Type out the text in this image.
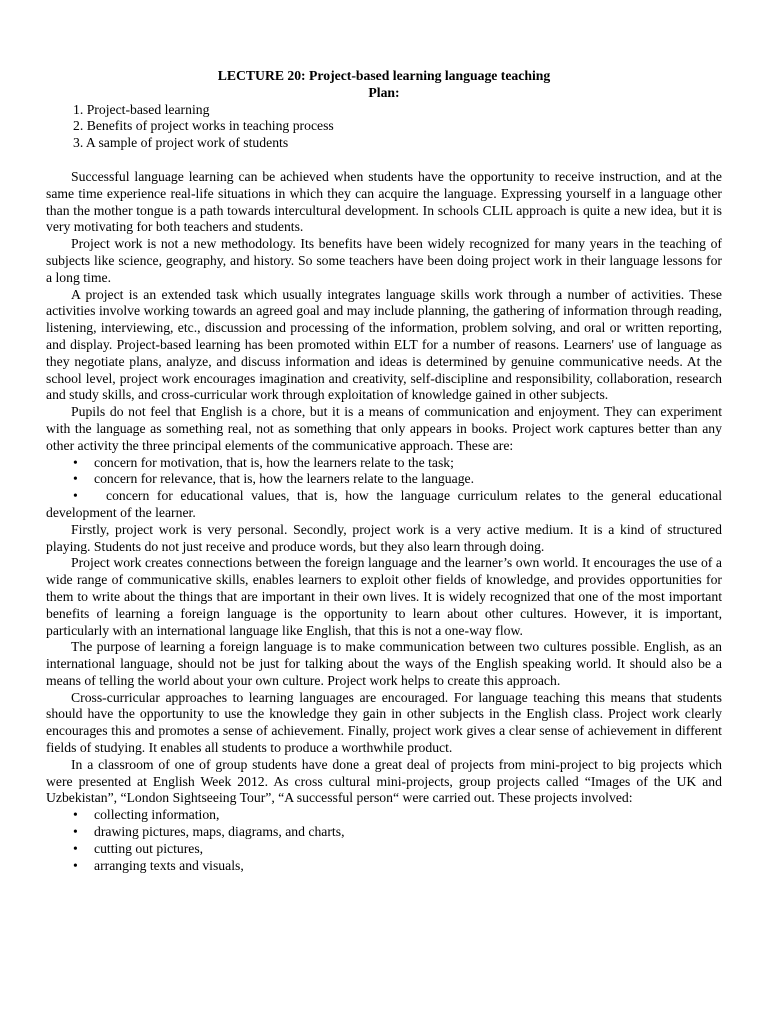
LECTURE 20: Project-based learning language teaching
Plan:
1. Project-based learning
2. Benefits of project works in teaching process
3. A sample of project work of students

Successful language learning can be achieved when students have the opportunity to receive instruction, and at the same time experience real-life situations in which they can acquire the language. Expressing yourself in a language other than the mother tongue is a path towards intercultural development. In schools CLIL approach is quite a new idea, but it is very motivating for both teachers and students.

Project work is not a new methodology. Its benefits have been widely recognized for many years in the teaching of subjects like science, geography, and history. So some teachers have been doing project work in their language lessons for a long time.

A project is an extended task which usually integrates language skills work through a number of activities. These activities involve working towards an agreed goal and may include planning, the gathering of information through reading, listening, interviewing, etc., discussion and processing of the information, problem solving, and oral or written reporting, and display. Project-based learning has been promoted within ELT for a number of reasons. Learners' use of language as they negotiate plans, analyze, and discuss information and ideas is determined by genuine communicative needs. At the school level, project work encourages imagination and creativity, self-discipline and responsibility, collaboration, research and study skills, and cross-curricular work through exploitation of knowledge gained in other subjects.

Pupils do not feel that English is a chore, but it is a means of communication and enjoyment. They can experiment with the language as something real, not as something that only appears in books. Project work captures better than any other activity the three principal elements of the communicative approach. These are:

• concern for motivation, that is, how the learners relate to the task;
• concern for relevance, that is, how the learners relate to the language.
• concern for educational values, that is, how the language curriculum relates to the general educational development of the learner.

Firstly, project work is very personal. Secondly, project work is a very active medium. It is a kind of structured playing. Students do not just receive and produce words, but they also learn through doing.

Project work creates connections between the foreign language and the learner’s own world. It encourages the use of a wide range of communicative skills, enables learners to exploit other fields of knowledge, and provides opportunities for them to write about the things that are important in their own lives. It is widely recognized that one of the most important benefits of learning a foreign language is the opportunity to learn about other cultures. However, it is important, particularly with an international language like English, that this is not a one-way flow.

The purpose of learning a foreign language is to make communication between two cultures possible. English, as an international language, should not be just for talking about the ways of the English speaking world. It should also be a means of telling the world about your own culture. Project work helps to create this approach.

Cross-curricular approaches to learning languages are encouraged. For language teaching this means that students should have the opportunity to use the knowledge they gain in other subjects in the English class. Project work clearly encourages this and promotes a sense of achievement. Finally, project work gives a clear sense of achievement in different fields of studying. It enables all students to produce a worthwhile product.

In a classroom of one of group students have done a great deal of projects from mini-project to big projects which were presented at English Week 2012. As cross cultural mini-projects, group projects called “Images of the UK and Uzbekistan”, “London Sightseeing Tour”, “A successful person“ were carried out. These projects involved:

• collecting information,
• drawing pictures, maps, diagrams, and charts,
• cutting out pictures,
• arranging texts and visuals,
